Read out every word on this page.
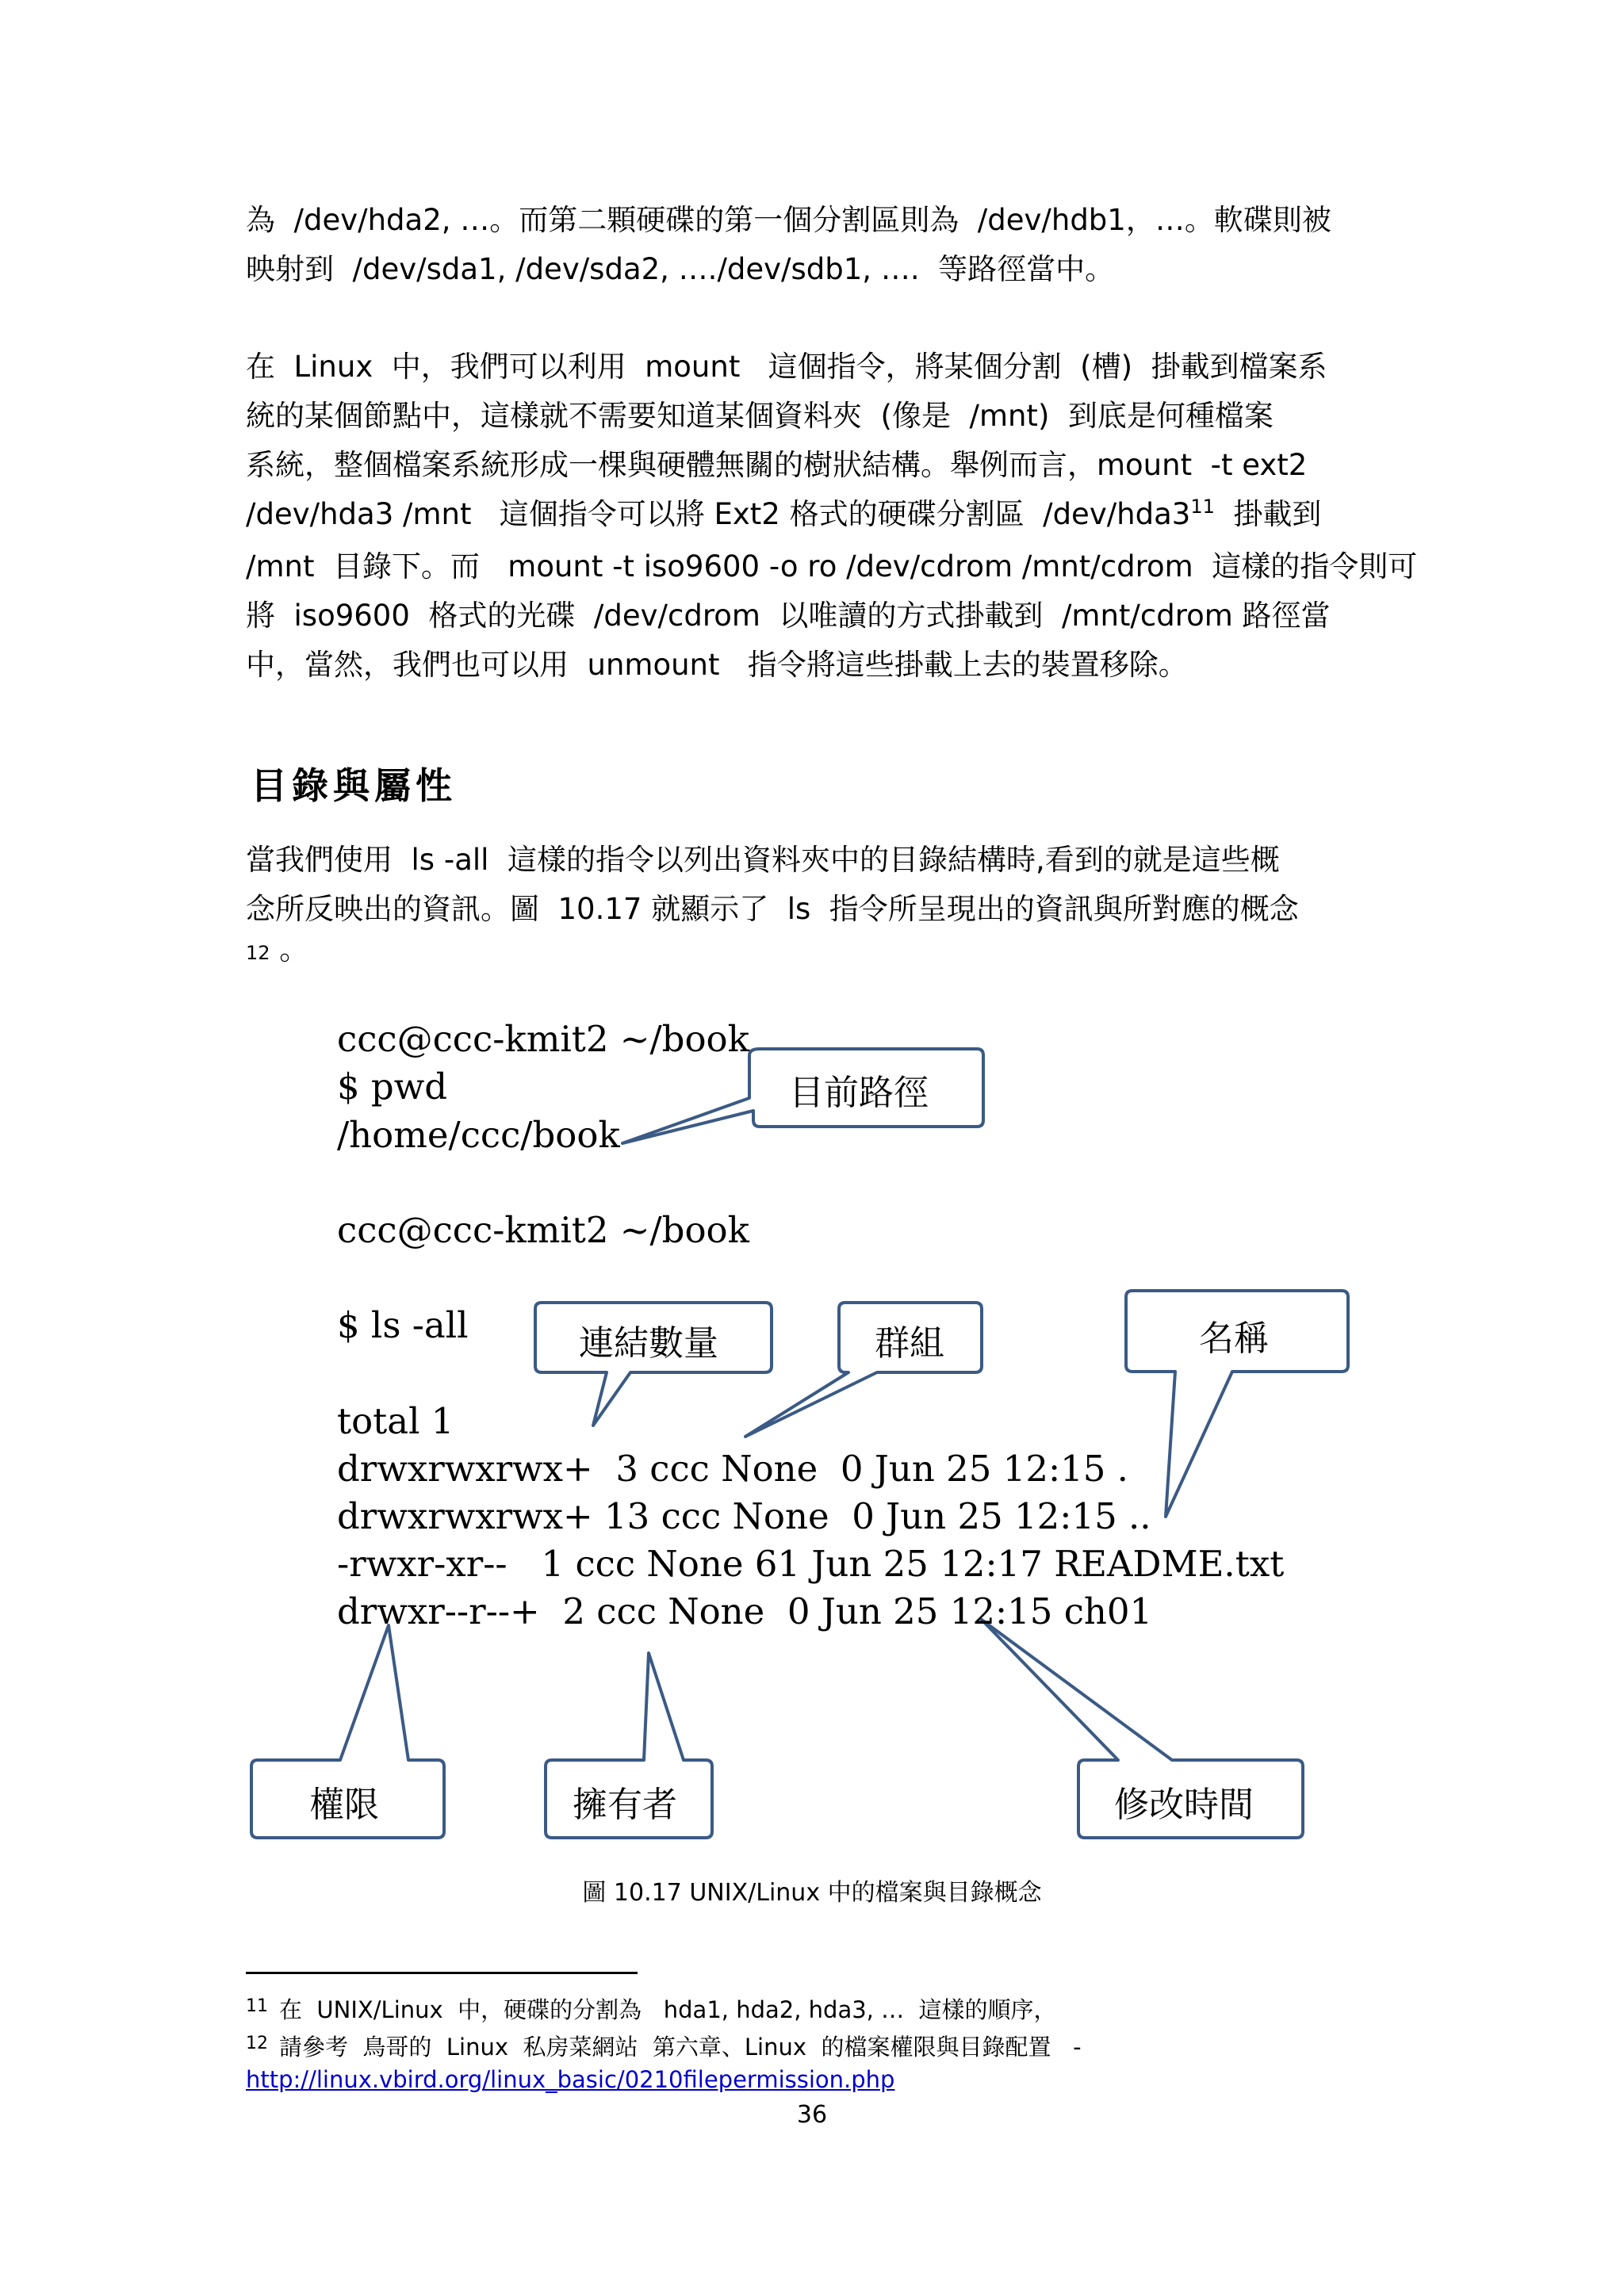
為  /dev/hda2, …。而第二顆硬碟的第一個分割區則為  /dev/hdb1，…。軟碟則被
映射到  /dev/sda1, /dev/sda2, …./dev/sdb1, ….  等路徑當中。
在  Linux  中，我們可以利用  mount   這個指令，將某個分割  (槽)  掛載到檔案系
統的某個節點中，這樣就不需要知道某個資料夾  (像是  /mnt)  到底是何種檔案
系統，整個檔案系統形成一棵與硬體無關的樹狀結構。舉例而言，mount  -t ext2
/dev/hda3 /mnt   這個指令可以將 Ext2 格式的硬碟分割區  /dev/hda3$^{11}$  掛載到
/mnt  目錄下。而   mount -t iso9600 -o ro /dev/cdrom /mnt/cdrom  這樣的指令則可
將  iso9600  格式的光碟  /dev/cdrom  以唯讀的方式掛載到  /mnt/cdrom 路徑當
中，當然，我們也可以用  unmount   指令將這些掛載上去的裝置移除。
目錄與屬性
當我們使用  ls -all  這樣的指令以列出資料夾中的目錄結構時,看到的就是這些概
念所反映出的資訊。圖  10.17 就顯示了  ls  指令所呈現出的資訊與所對應的概念
12 。
ccc@ccc-kmit2 ~/book
$ pwd
/home/ccc/book
ccc@ccc-kmit2 ~/book
$ ls -all
total 1
drwxrwxrwx+  3 ccc None  0 Jun 25 12:15 .
drwxrwxrwx+ 13 ccc None  0 Jun 25 12:15 ..
-rwxr-xr--   1 ccc None 61 Jun 25 12:17 README.txt
drwxr--r--+  2 ccc None  0 Jun 25 12:15 ch01
目前路徑
連結數量	群組	名稱
權限	擁有者	修改時間
圖 10.17 UNIX/Linux 中的檔案與目錄概念
$^{11}$ 在  UNIX/Linux  中，硬碟的分割為   hda1, hda2, hda3, …  這樣的順序，
$^{12}$ 請參考  鳥哥的  Linux  私房菜網站  第六章、Linux  的檔案權限與目錄配置   -
http://linux.vbird.org/linux_basic/0210filepermission.php
36
